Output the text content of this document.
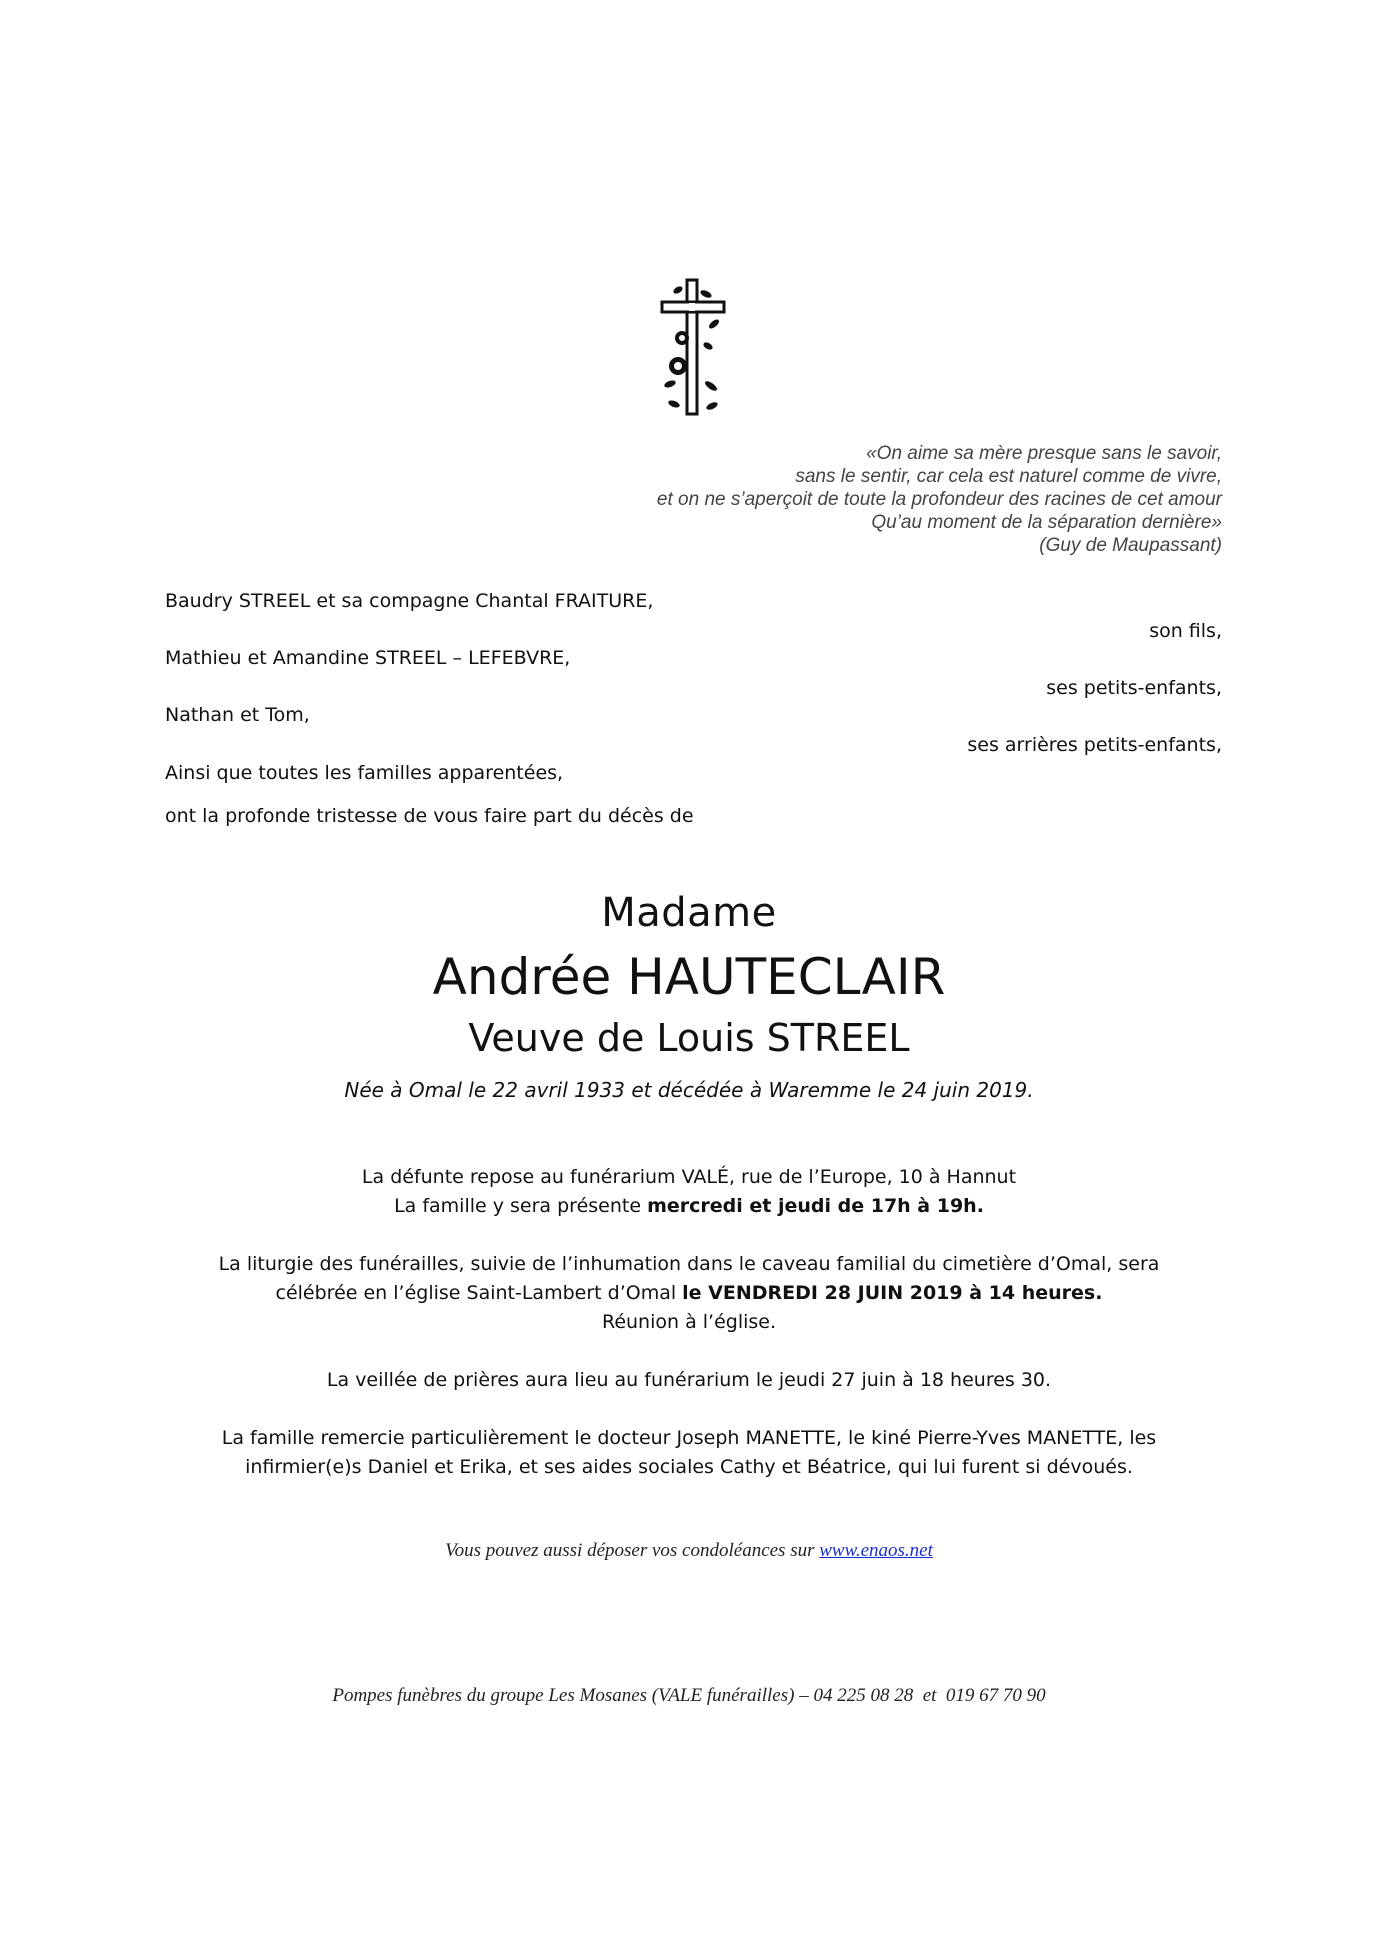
«On aime sa mère presque sans le savoir,
sans le sentir, car cela est naturel comme de vivre,
et on ne s’aperçoit de toute la profondeur des racines de cet amour
Qu’au moment de la séparation dernière»
(Guy de Maupassant)
Baudry STREEL et sa compagne Chantal FRAITURE,
son fils,
Mathieu et Amandine STREEL – LEFEBVRE,
ses petits-enfants,
Nathan et Tom,
ses arrières petits-enfants,
Ainsi que toutes les familles apparentées,
ont la profonde tristesse de vous faire part du décès de
Madame
Andrée HAUTECLAIR
Veuve de Louis STREEL
Née à Omal le 22 avril 1933 et décédée à Waremme le 24 juin 2019.
La défunte repose au funérarium VALÉ, rue de l’Europe, 10 à Hannut
La famille y sera présente mercredi et jeudi de 17h à 19h.
La liturgie des funérailles, suivie de l’inhumation dans le caveau familial du cimetière d’Omal, sera
célébrée en l’église Saint-Lambert d’Omal le VENDREDI 28 JUIN 2019 à 14 heures.
Réunion à l’église.
La veillée de prières aura lieu au funérarium le jeudi 27 juin à 18 heures 30.
La famille remercie particulièrement le docteur Joseph MANETTE, le kiné Pierre-Yves MANETTE, les
infirmier(e)s Daniel et Erika, et ses aides sociales Cathy et Béatrice, qui lui furent si dévoués.
Vous pouvez aussi déposer vos condoléances sur www.enaos.net
Pompes funèbres du groupe Les Mosanes (VALE funérailles) – 04 225 08 28  et  019 67 70 90
